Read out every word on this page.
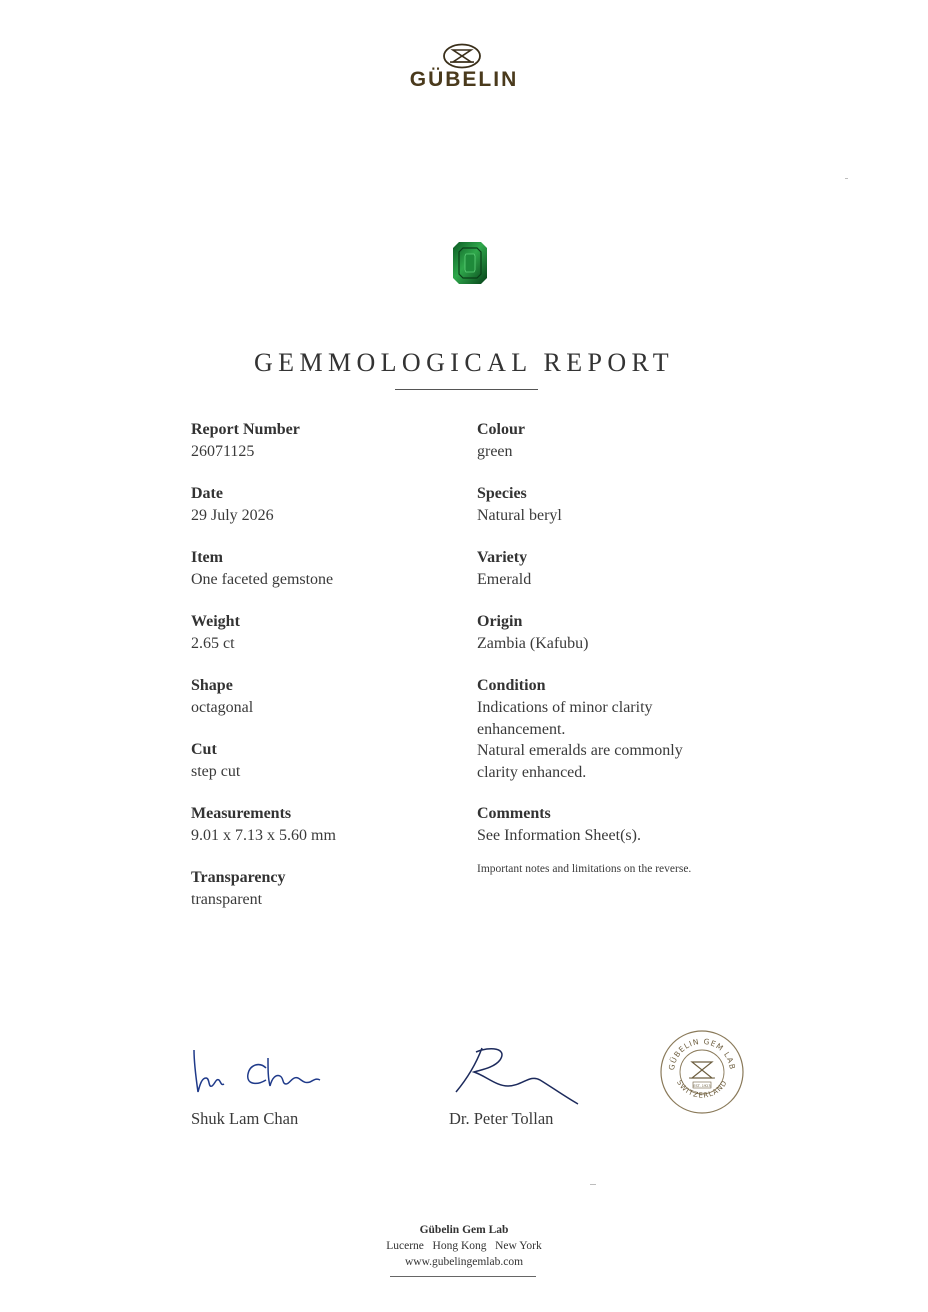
GÜBELIN
GEMMOLOGICAL REPORT
Report Number
26071125
Date
29 July 2026
Item
One faceted gemstone
Weight
2.65 ct
Shape
octagonal
Cut
step cut
Measurements
9.01 x 7.13 x 5.60 mm
Transparency
transparent
Colour
green
Species
Natural beryl
Variety
Emerald
Origin
Zambia (Kafubu)
Condition
Indications of minor clarity
enhancement.
Natural emeralds are commonly
clarity enhanced.
Comments
See Information Sheet(s).
Important notes and limitations on the reverse.
Shuk Lam Chan	Dr. Peter Tollan
GÜBELIN GEM LAB
SWITZERLAND
EST. 1923
Gübelin Gem Lab
Lucerne   Hong Kong   New York
www.gubelingemlab.com
